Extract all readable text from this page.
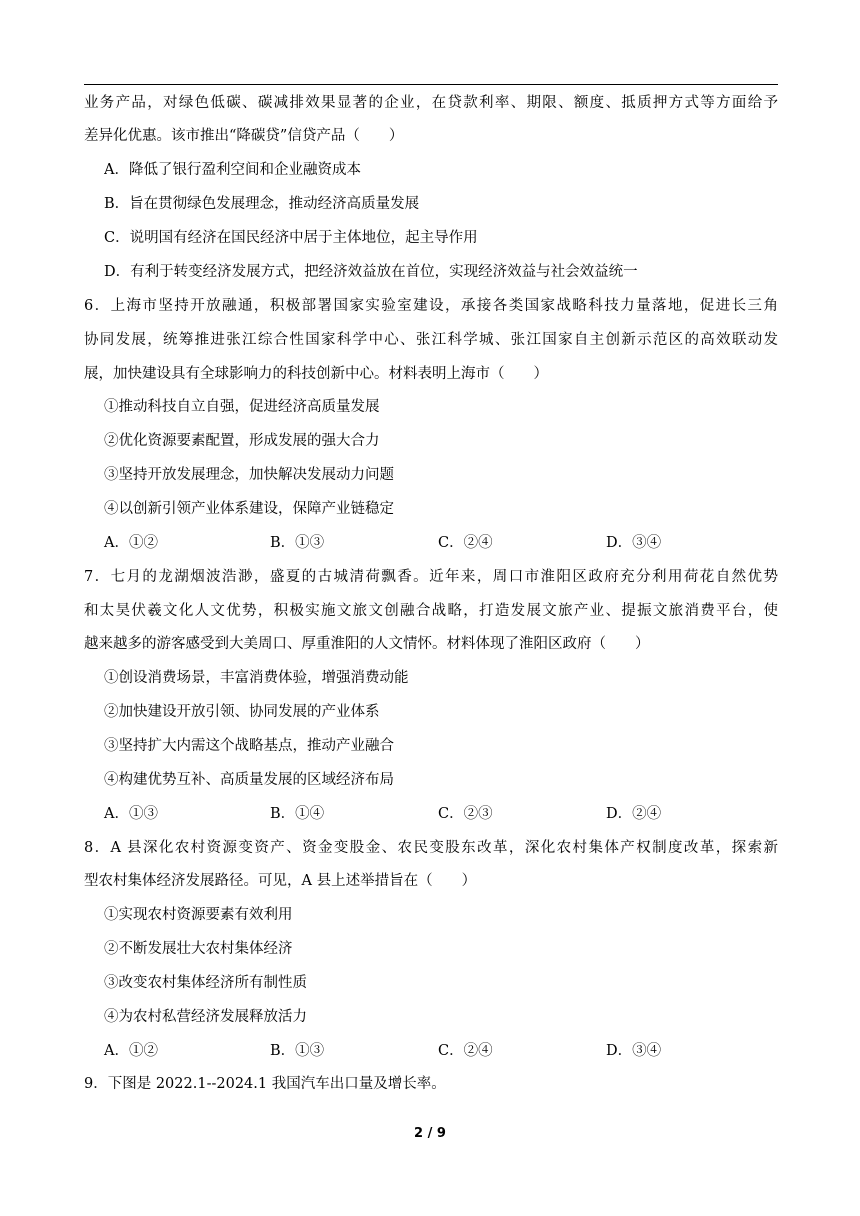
业务产品，对绿色低碳、碳减排效果显著的企业，在贷款利率、期限、额度、抵质押方式等方面给予
差异化优惠。该市推出“降碳贷”信贷产品（　　）
A．降低了银行盈利空间和企业融资成本
B．旨在贯彻绿色发展理念，推动经济高质量发展
C．说明国有经济在国民经济中居于主体地位，起主导作用
D．有利于转变经济发展方式，把经济效益放在首位，实现经济效益与社会效益统一
6．上海市坚持开放融通，积极部署国家实验室建设，承接各类国家战略科技力量落地，促进长三角
协同发展，统筹推进张江综合性国家科学中心、张江科学城、张江国家自主创新示范区的高效联动发
展，加快建设具有全球影响力的科技创新中心。材料表明上海市（　　）
①推动科技自立自强，促进经济高质量发展
②优化资源要素配置，形成发展的强大合力
③坚持开放发展理念，加快解决发展动力问题
④以创新引领产业体系建设，保障产业链稳定
A．①②	B．①③	C．②④	D．③④
7．七月的龙湖烟波浩渺，盛夏的古城清荷飘香。近年来，周口市淮阳区政府充分利用荷花自然优势
和太昊伏羲文化人文优势，积极实施文旅文创融合战略，打造发展文旅产业、提振文旅消费平台，使
越来越多的游客感受到大美周口、厚重淮阳的人文情怀。材料体现了淮阳区政府（　　）
①创设消费场景，丰富消费体验，增强消费动能
②加快建设开放引领、协同发展的产业体系
③坚持扩大内需这个战略基点，推动产业融合
④构建优势互补、高质量发展的区域经济布局
A．①③	B．①④	C．②③	D．②④
8．A 县深化农村资源变资产、资金变股金、农民变股东改革，深化农村集体产权制度改革，探索新
型农村集体经济发展路径。可见，A 县上述举措旨在（　　）
①实现农村资源要素有效利用
②不断发展壮大农村集体经济
③改变农村集体经济所有制性质
④为农村私营经济发展释放活力
A．①②	B．①③	C．②④	D．③④
9．下图是 2022.1--2024.1 我国汽车出口量及增长率。
2 / 9
